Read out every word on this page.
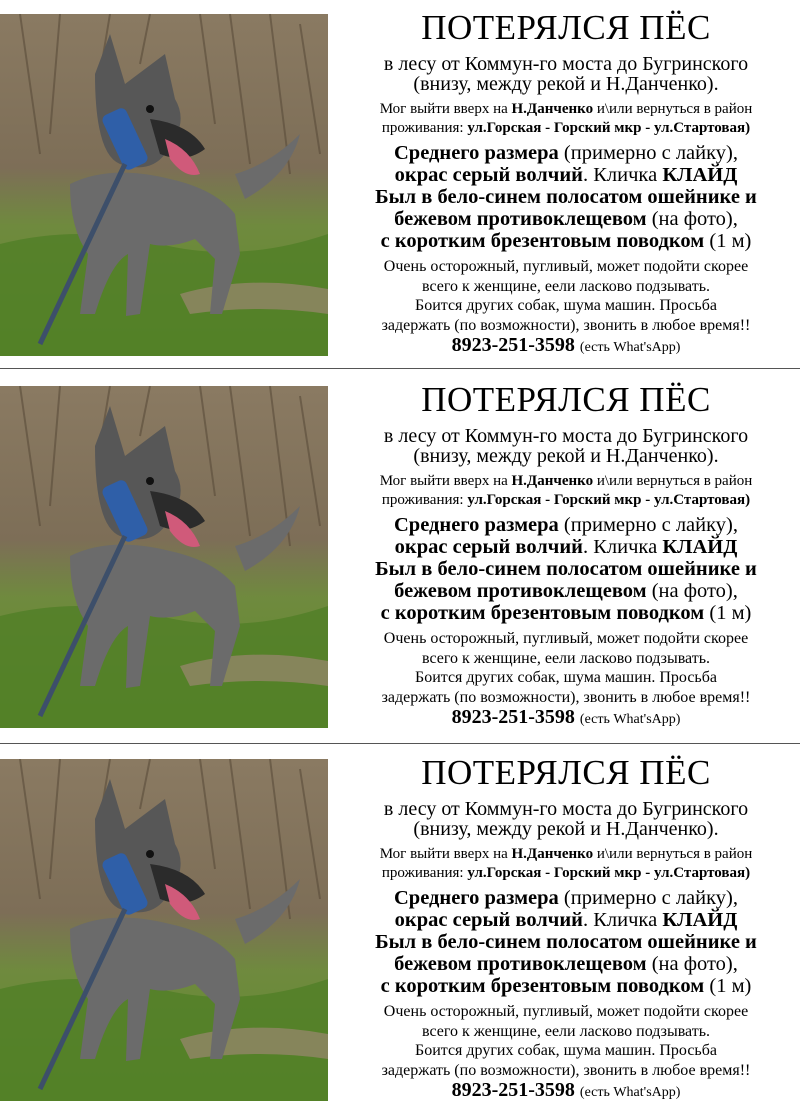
ПОТЕРЯЛСЯ ПЁС
в лесу от Коммун-го моста до Бугринского
(внизу, между рекой и Н.Данченко).
Мог выйти вверх на Н.Данченко и\или вернуться в район
проживания: ул.Горская - Горский мкр - ул.Стартовая)
Среднего размера (примерно с лайку),
окрас серый волчий. Кличка КЛАЙД
Был в бело-синем полосатом ошейнике и
бежевом противоклещевом (на фото),
с коротким брезентовым поводком (1 м)
Очень осторожный, пугливый, может подойти скорее
всего к женщине, еели ласково подзывать.
Боится других собак, шума машин. Просьба
задержать (по возможности), звонить в любое время!!
8923-251-3598 (есть What'sApp)
ПОТЕРЯЛСЯ ПЁС
в лесу от Коммун-го моста до Бугринского
(внизу, между рекой и Н.Данченко).
Мог выйти вверх на Н.Данченко и\или вернуться в район
проживания: ул.Горская - Горский мкр - ул.Стартовая)
Среднего размера (примерно с лайку),
окрас серый волчий. Кличка КЛАЙД
Был в бело-синем полосатом ошейнике и
бежевом противоклещевом (на фото),
с коротким брезентовым поводком (1 м)
Очень осторожный, пугливый, может подойти скорее
всего к женщине, еели ласково подзывать.
Боится других собак, шума машин. Просьба
задержать (по возможности), звонить в любое время!!
8923-251-3598 (есть What'sApp)
ПОТЕРЯЛСЯ ПЁС
в лесу от Коммун-го моста до Бугринского
(внизу, между рекой и Н.Данченко).
Мог выйти вверх на Н.Данченко и\или вернуться в район
проживания: ул.Горская - Горский мкр - ул.Стартовая)
Среднего размера (примерно с лайку),
окрас серый волчий. Кличка КЛАЙД
Был в бело-синем полосатом ошейнике и
бежевом противоклещевом (на фото),
с коротким брезентовым поводком (1 м)
Очень осторожный, пугливый, может подойти скорее
всего к женщине, еели ласково подзывать.
Боится других собак, шума машин. Просьба
задержать (по возможности), звонить в любое время!!
8923-251-3598 (есть What'sApp)
